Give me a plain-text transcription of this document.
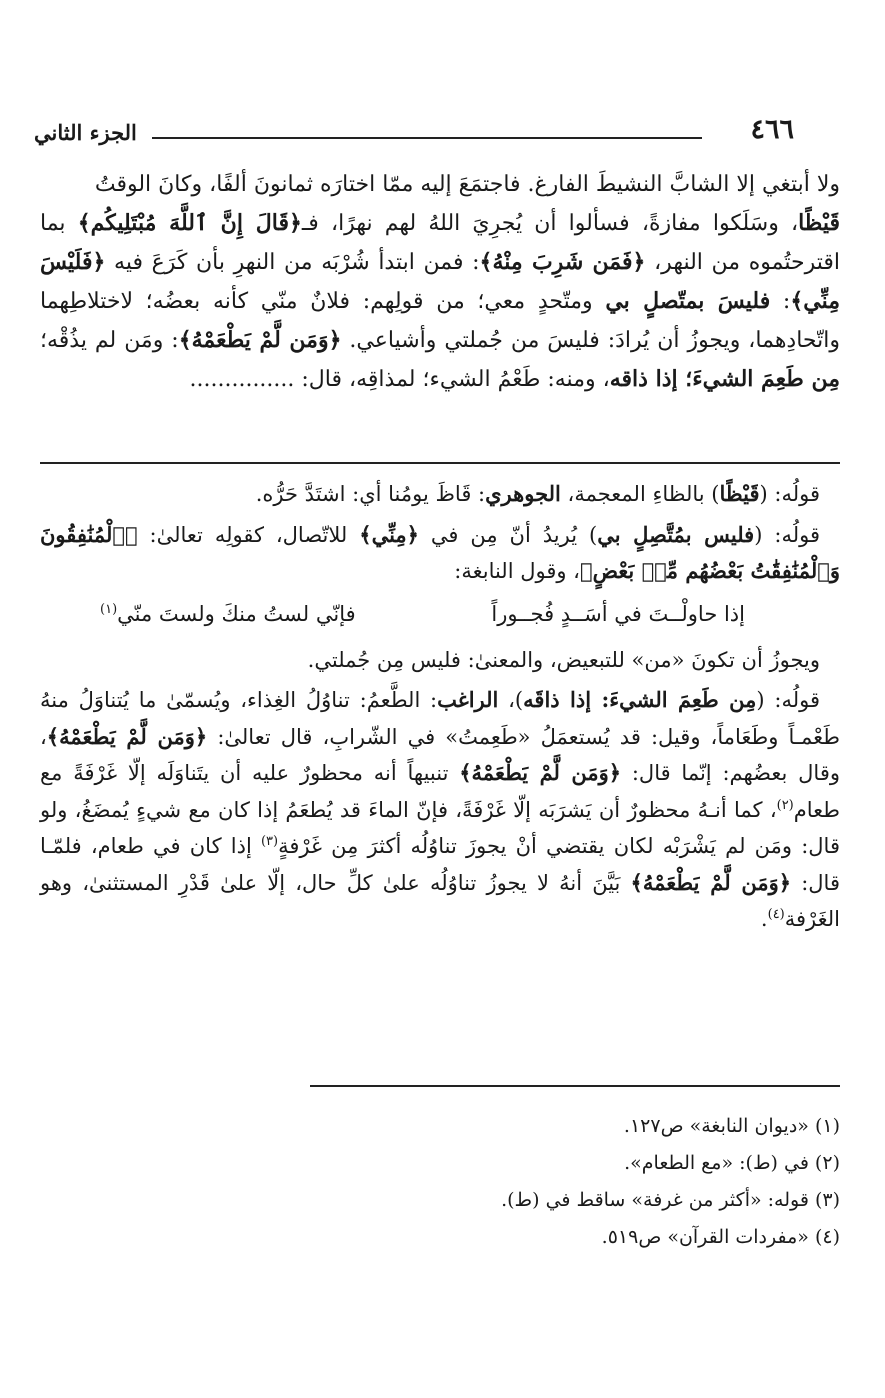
٤٦٦
الجزء الثاني

ولا أبتغي إلا الشابَّ النشيطَ الفارغ. فاجتمَعَ إليه ممّا اختارَه ثمانونَ ألفًا، وكانَ الوقتُ
قَيْظًا، وسَلَكوا مفازةً، فسألوا أن يُجرِيَ اللهُ لهم نهرًا، فـ﴿قَالَ إِنَّ ٱللَّهَ مُبْتَلِيكُم﴾ بما اقترحتُموه من النهر، ﴿فَمَن شَرِبَ مِنْهُ﴾: فمن ابتدأ شُرْبَه من النهرِ بأن كَرَعَ فيه ﴿فَلَيْسَ مِنِّي﴾: فليسَ بمتّصلٍ بي ومتّحدٍ معي؛ من قولِهم: فلانٌ منّي كأنه بعضُه؛ لاختلاطِهما واتّحادِهما، ويجوزُ أن يُرادَ: فليسَ من جُملتي وأشياعي. ﴿وَمَن لَّمْ يَطْعَمْهُ﴾: ومَن لم يذُقْه؛ مِن طَعِمَ الشيءَ؛ إذا ذاقه، ومنه: طَعْمُ الشيء؛ لمذاقِه، قال: ...............

قولُه: (قَيْظًا) بالظاءِ المعجمة، الجوهري: قَاظَ يومُنا أي: اشتَدَّ حَرُّه.

قولُه: (فليس بمُتَّصِلٍ بي) يُريدُ أنّ مِن في ﴿مِنِّي﴾ للاتّصال، كقولِه تعالىٰ: ﴿ٱلْمُنَٰفِقُونَ وَٱلْمُنَٰفِقَٰتُ بَعْضُهُم مِّنۢ بَعْضٍ﴾، وقول النابغة:

إذا حاولْــتَ في أسَــدٍ فُجــوراً
فإنّي لستُ منكَ ولستَ منّي$^{(١)}$

ويجوزُ أن تكونَ «من» للتبعيض، والمعنىٰ: فليس مِن جُملتي.

قولُه: (مِن طَعِمَ الشيءَ: إذا ذاقَه)، الراغب: الطَّعمُ: تناوُلُ الغِذاء، ويُسمّىٰ ما يُتناوَلُ منهُ طَعْمـاً وطَعَاماً، وقيل: قد يُستعمَلُ «طَعِمتُ» في الشّرابِ، قال تعالىٰ: ﴿وَمَن لَّمْ يَطْعَمْهُ﴾، وقال بعضُهم: إنّما قال: ﴿وَمَن لَّمْ يَطْعَمْهُ﴾ تنبيهاً أنه محظورٌ عليه أن يتَناوَلَه إلّا غَرْفَةً مع طعام$^{(٢)}$، كما أنـهُ محظورٌ أن يَشرَبَه إلّا غَرْفَةً، فإنّ الماءَ قد يُطعَمُ إذا كان مع شيءٍ يُمضَغُ، ولو قال: ومَن لم يَشْرَبْه لكان يقتضي أنْ يجوزَ تناوُلُه أكثرَ مِن غَرْفةٍ$^{(٣)}$ إذا كان في طعام، فلمّـا قال: ﴿وَمَن لَّمْ يَطْعَمْهُ﴾ بَيَّنَ أنهُ لا يجوزُ تناوُلُه علىٰ كلِّ حال، إلّا علىٰ قَدْرِ المستثنىٰ، وهو الغَرْفة$^{(٤)}$.

(١) «ديوان النابغة» ص١٢٧.
(٢) في (ط): «مع الطعام».
(٣) قوله: «أكثر من غرفة» ساقط في (ط).
(٤) «مفردات القرآن» ص٥١٩.
